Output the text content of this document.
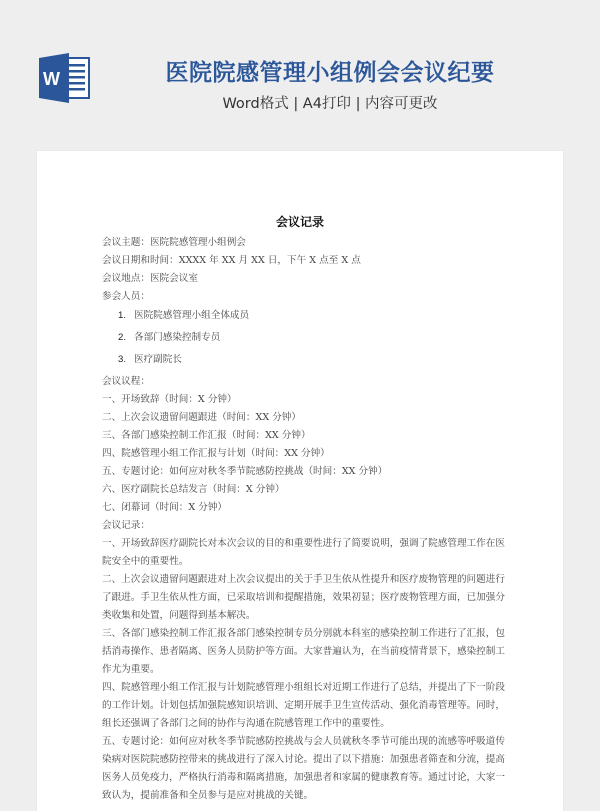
W	医院院感管理小组例会会议纪要
Word格式 | A4打印 | 内容可更改
会议记录
会议主题：医院院感管理小组例会
会议日期和时间：XXXX 年 XX 月 XX 日，下午 X 点至 X 点
会议地点：医院会议室
参会人员：
1. 医院院感管理小组全体成员
2. 各部门感染控制专员
3. 医疗副院长
会议议程：
一、开场致辞（时间：X 分钟）
二、上次会议遗留问题跟进（时间：XX 分钟）
三、各部门感染控制工作汇报（时间：XX 分钟）
四、院感管理小组工作汇报与计划（时间：XX 分钟）
五、专题讨论：如何应对秋冬季节院感防控挑战（时间：XX 分钟）
六、医疗副院长总结发言（时间：X 分钟）
七、闭幕词（时间：X 分钟）
会议记录：
一、开场致辞医疗副院长对本次会议的目的和重要性进行了简要说明，强调了院感管理工作在医
院安全中的重要性。
二、上次会议遗留问题跟进对上次会议提出的关于手卫生依从性提升和医疗废物管理的问题进行
了跟进。手卫生依从性方面，已采取培训和提醒措施，效果初显；医疗废物管理方面，已加强分
类收集和处置，问题得到基本解决。
三、各部门感染控制工作汇报各部门感染控制专员分别就本科室的感染控制工作进行了汇报，包
括消毒操作、患者隔离、医务人员防护等方面。大家普遍认为，在当前疫情背景下，感染控制工
作尤为重要。
四、院感管理小组工作汇报与计划院感管理小组组长对近期工作进行了总结，并提出了下一阶段
的工作计划。计划包括加强院感知识培训、定期开展手卫生宣传活动、强化消毒管理等。同时，
组长还强调了各部门之间的协作与沟通在院感管理工作中的重要性。
五、专题讨论：如何应对秋冬季节院感防控挑战与会人员就秋冬季节可能出现的流感等呼吸道传
染病对医院院感防控带来的挑战进行了深入讨论。提出了以下措施：加强患者筛查和分流，提高
医务人员免疫力，严格执行消毒和隔离措施，加强患者和家属的健康教育等。通过讨论，大家一
致认为，提前准备和全员参与是应对挑战的关键。
